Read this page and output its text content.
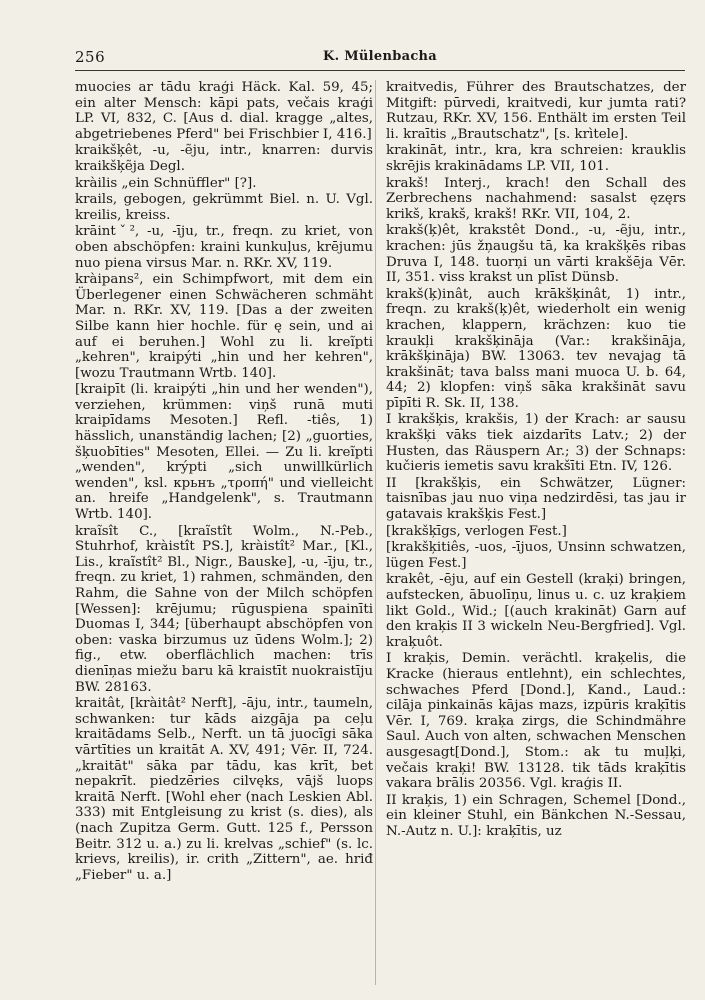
256	K. Mülenbacha

muocies ar tādu kraģi Häck. Kal. 59, 45; ein alter Mensch: kāpi pats, večais kraģi LP. VI, 832, C. [Aus d. dial. kragge „altes, abgetriebenes Pferd" bei Frischbier I, 416.]

kraikšķêt, -u, -ẽju, intr., knarren: durvis kraikšķẽja Degl.

kràilis „ein Schnüffler" [?].

krails, gebogen, gekrümmt Biel. n. U. Vgl. kreilis, kreiss.

krāintˇ², -u, -īju, tr., freqn. zu kriet, von oben abschöpfen: kraini kunkuļus, krējumu nuo piena virsus Mar. n. RKr. XV, 119.

kràipans², ein Schimpfwort, mit dem ein Überlegener einen Schwächeren schmäht Mar. n. RKr. XV, 119. [Das a der zweiten Silbe kann hier hochle. für ę sein, und ai auf ei beruhen.] Wohl zu li. kreĩpti „kehren", kraipýti „hin und her kehren", [wozu Trautmann Wrtb. 140].

[kraipīt (li. kraipýti „hin und her wenden"), verziehen, krümmen: viņš runā muti kraipīdams Mesoten.] Refl. -tiês, 1) hässlich, unanständig lachen; [2) „guorties, šķuobīties" Mesoten, Ellei. — Zu li. kreĩpti „wenden", krýpti „sich unwillkürlich wenden", ksl. крьнъ „τροπή" und vielleicht an. hreife „Handgelenk", s. Trautmann Wrtb. 140].

kraĩsît C., [kraĩstît Wolm., N.-Peb., Stuhrhof, kràistît PS.], kràistît² Mar., [Kl., Lis., kraĩstît² Bl., Nigr., Bauske], -u, -īju, tr., freqn. zu kriet, 1) rahmen, schmänden, den Rahm, die Sahne von der Milch schöpfen [Wessen]: krējumu; rūguspiena spainīti Duomas I, 344; [überhaupt abschöpfen von oben: vaska birzumus uz ūdens Wolm.]; 2) fig., etw. oberflächlich machen: trīs dienīņas miežu baru kā kraistīt nuokraistīju BW. 28163.

kraitât, [kràitât² Nerft], -āju, intr., taumeln, schwanken: tur kāds aizgāja pa ceļu kraitādams Selb., Nerft. un tā juocīgi sāka vārtīties un kraitāt A. XV, 491; Vēr. II, 724. „kraitāt" sāka par tādu, kas krīt, bet nepakrīt. piedzēries cilvęks, vājš luops kraitā Nerft. [Wohl eher (nach Leskien Abl. 333) mit Entgleisung zu krist (s. dies), als (nach Zupitza Germ. Gutt. 125 f., Persson Beitr. 312 u. a.) zu li. krelvas „schief" (s. lc. krievs, kreilis), ir. crith „Zittern", ae. hriđ „Fieber" u. a.]

kraitvedis, Führer des Brautschatzes, der Mitgift: pūrvedi, kraitvedi, kur jumta rati? Rutzau, RKr. XV, 156. Enthält im ersten Teil li. kraītis „Brautschatz", [s. krìtele].

krakināt, intr., kra, kra schreien: krauklis skrējis krakinādams LP. VII, 101.

krakš! Interj., krach! den Schall des Zerbrechens nachahmend: sasalst ęzęrs krikš, krakš, krakš! RKr. VII, 104, 2.

krakš(ķ)êt, krakstêt Dond., -u, -ẽju, intr., krachen: jūs žņaugšu tā, ka krakšķēs ribas Druva I, 148. tuorņi un vārti krakšēja Vēr. II, 351. viss krakst un plīst Dünsb.

krakš(ķ)inât, auch krākšķinât, 1) intr., freqn. zu krakš(ķ)êt, wiederholt ein wenig krachen, klappern, krächzen: kuo tie kraukļi krakšķināja (Var.: krakšināja, krākšķināja) BW. 13063. tev nevajag tā krakšināt; tava balss mani muoca U. b. 64, 44; 2) klopfen: viņš sāka krakšināt savu pīpīti R. Sk. II, 138.

I krakšķis, krakšis, 1) der Krach: ar sausu krakšķi vāks tiek aizdarīts Latv.; 2) der Husten, das Räuspern Ar.; 3) der Schnaps: kučieris iemetis savu krakšīti Etn. IV, 126.

II [krakšķis, ein Schwätzer, Lügner: taisnības jau nuo viņa nedzirdēsi, tas jau ir gatavais krakšķis Fest.]

[krakšķīgs, verlogen Fest.]

[krakšķitiês, -uos, -ījuos, Unsinn schwatzen, lügen Fest.]

krakêt, -ēju, auf ein Gestell (kraķi) bringen, aufstecken, ābuolīņu, linus u. c. uz kraķiem likt Gold., Wid.; [(auch krakināt) Garn auf den kraķis II 3 wickeln Neu-Bergfried]. Vgl. kraķuôt.

I kraķis, Demin. verächtl. kraķelis, die Kracke (hieraus entlehnt), ein schlechtes, schwaches Pferd [Dond.], Kand., Laud.: cilāja pinkainās kājas mazs, izpūris kraķītis Vēr. I, 769. kraķa zirgs, die Schindmähre Saul. Auch von alten, schwachen Menschen ausgesagt[Dond.], Stom.: ak tu muļķi, večais kraķi! BW. 13128. tik tāds kraķītis vakara brālis 20356. Vgl. kraģis II.

II kraķis, 1) ein Schragen, Schemel [Dond., ein kleiner Stuhl, ein Bänkchen N.-Sessau, N.-Autz n. U.]: kraķītis, uz
